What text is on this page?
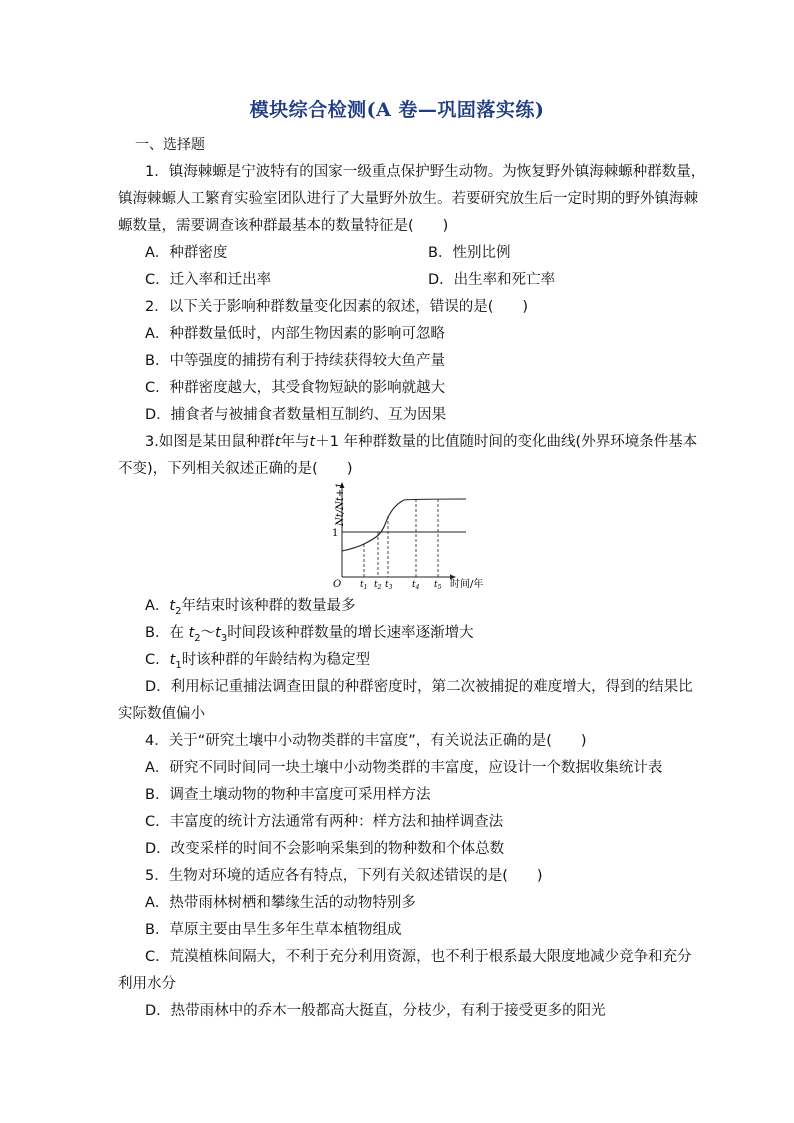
模块综合检测(A 卷—巩固落实练)
一、选择题
1．镇海棘螈是宁波特有的国家一级重点保护野生动物。为恢复野外镇海棘螈种群数量，
镇海棘螈人工繁育实验室团队进行了大量野外放生。若要研究放生后一定时期的野外镇海棘
螈数量，需要调查该种群最基本的数量特征是(　　)
A．种群密度	B．性别比例
C．迁入率和迁出率	D．出生率和死亡率
2．以下关于影响种群数量变化因素的叙述，错误的是(　　)
A．种群数量低时，内部生物因素的影响可忽略
B．中等强度的捕捞有利于持续获得较大鱼产量
C．种群密度越大，其受食物短缺的影响就越大
D．捕食者与被捕食者数量相互制约、互为因果
3.如图是某田鼠种群t年与t＋1 年种群数量的比值随时间的变化曲线(外界环境条件基本
不变)，下列相关叙述正确的是(　　)
Nt/Nt+1
1
O $t_1$ $t_2$ $t_3$ $t_4$ $t_5$ 时间/年
A．$t_2$年结束时该种群的数量最多
B．在 $t_2\sim t_3$时间段该种群数量的增长速率逐渐增大
C．$t_1$时该种群的年龄结构为稳定型
D．利用标记重捕法调查田鼠的种群密度时，第二次被捕捉的难度增大，得到的结果比
实际数值偏小
4．关于“研究土壤中小动物类群的丰富度”，有关说法正确的是(　　)
A．研究不同时间同一块土壤中小动物类群的丰富度，应设计一个数据收集统计表
B．调查土壤动物的物种丰富度可采用样方法
C．丰富度的统计方法通常有两种：样方法和抽样调查法
D．改变采样的时间不会影响采集到的物种数和个体总数
5．生物对环境的适应各有特点，下列有关叙述错误的是(　　)
A．热带雨林树栖和攀缘生活的动物特别多
B．草原主要由旱生多年生草本植物组成
C．荒漠植株间隔大，不利于充分利用资源，也不利于根系最大限度地减少竞争和充分
利用水分
D．热带雨林中的乔木一般都高大挺直，分枝少，有利于接受更多的阳光
